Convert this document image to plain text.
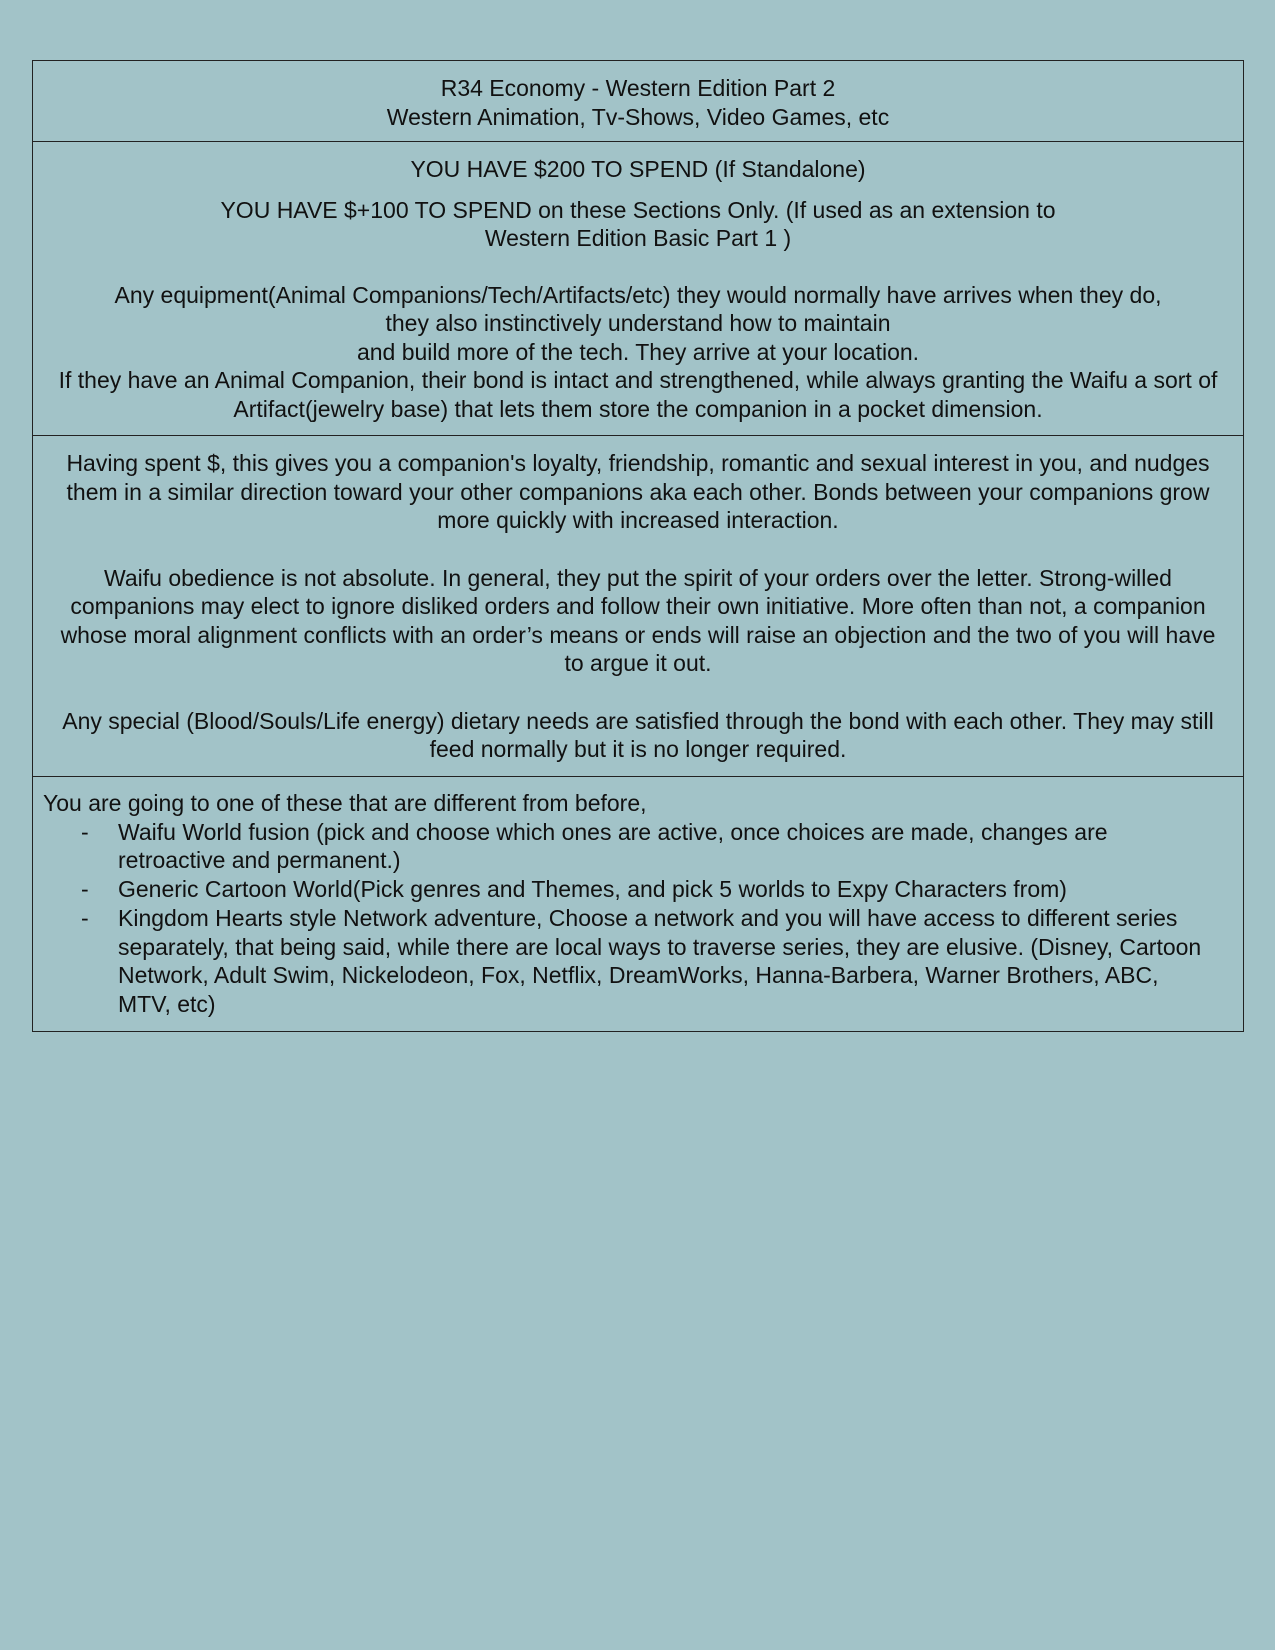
R34 Economy - Western Edition Part 2
Western Animation, Tv-Shows, Video Games, etc

YOU HAVE $200 TO SPEND (If Standalone)

YOU HAVE $+100 TO SPEND on these Sections Only. (If used as an extension to
Western Edition Basic Part 1 )
Any equipment(Animal Companions/Tech/Artifacts/etc) they would normally have arrives when they do,
they also instinctively understand how to maintain
and build more of the tech. They arrive at your location.
If they have an Animal Companion, their bond is intact and strengthened, while always granting the Waifu a sort of Artifact(jewelry base) that lets them store the companion in a pocket dimension.

Having spent $, this gives you a companion's loyalty, friendship, romantic and sexual interest in you, and nudges them in a similar direction toward your other companions aka each other. Bonds between your companions grow more quickly with increased interaction.

Waifu obedience is not absolute. In general, they put the spirit of your orders over the letter. Strong-willed companions may elect to ignore disliked orders and follow their own initiative. More often than not, a companion whose moral alignment conflicts with an order’s means or ends will raise an objection and the two of you will have to argue it out.

Any special (Blood/Souls/Life energy) dietary needs are satisfied through the bond with each other. They may still feed normally but it is no longer required.

You are going to one of these that are different from before,

- Waifu World fusion (pick and choose which ones are active, once choices are made, changes are retroactive and permanent.)
- Generic Cartoon World(Pick genres and Themes, and pick 5 worlds to Expy Characters from)
- Kingdom Hearts style Network adventure, Choose a network and you will have access to different series separately, that being said, while there are local ways to traverse series, they are elusive. (Disney, Cartoon Network, Adult Swim, Nickelodeon, Fox, Netflix, DreamWorks, Hanna-Barbera, Warner Brothers, ABC, MTV, etc)
